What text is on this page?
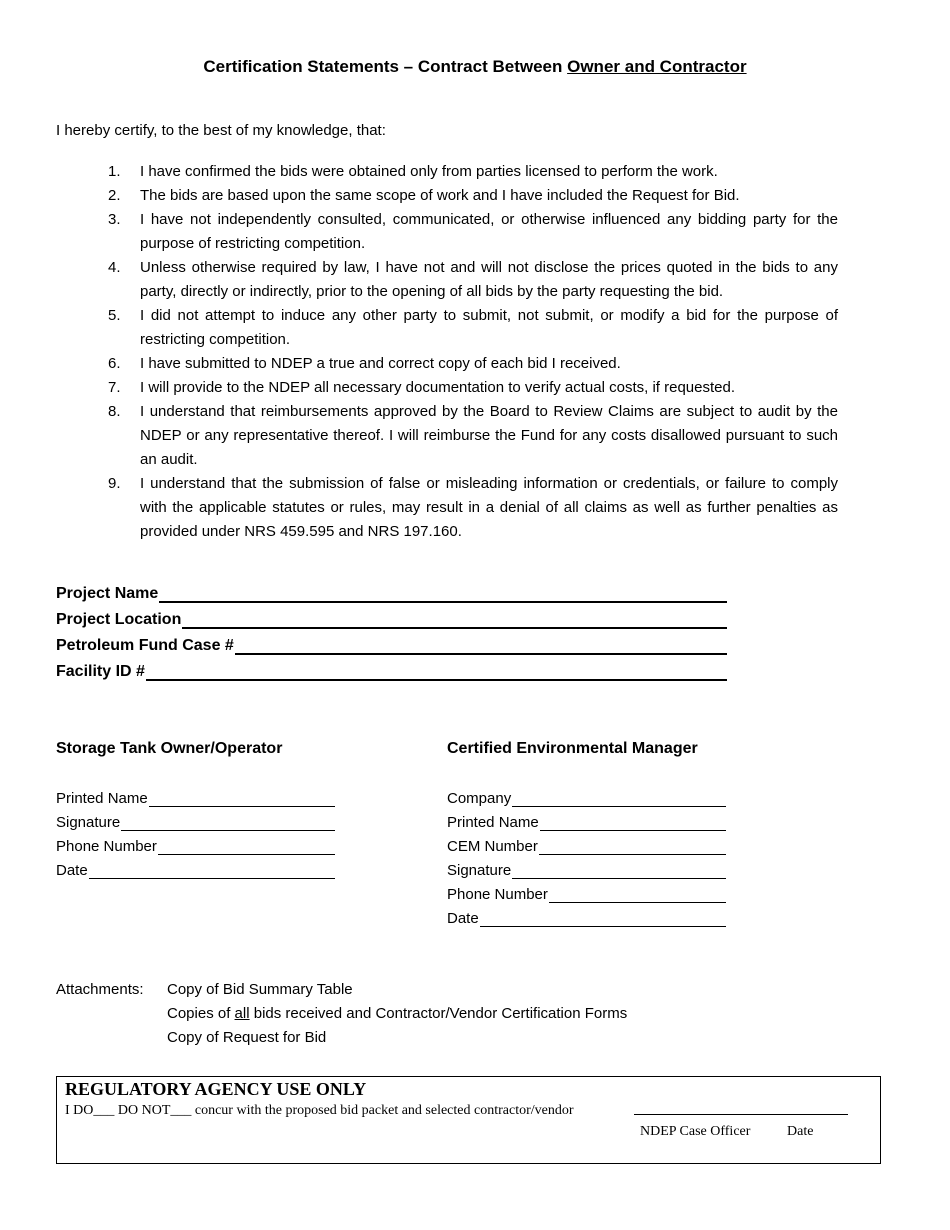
Certification Statements – Contract Between Owner and Contractor
I hereby certify, to the best of my knowledge, that:
1.	I have confirmed the bids were obtained only from parties licensed to perform the work.
2.	The bids are based upon the same scope of work and I have included the Request for Bid.
3.	I have not independently consulted, communicated, or otherwise influenced any bidding party for the purpose of restricting competition.
4.	Unless otherwise required by law, I have not and will not disclose the prices quoted in the bids to any party, directly or indirectly, prior to the opening of all bids by the party requesting the bid.
5.	I did not attempt to induce any other party to submit, not submit, or modify a bid for the purpose of restricting competition.
6.	I have submitted to NDEP a true and correct copy of each bid I received.
7.	I will provide to the NDEP all necessary documentation to verify actual costs, if requested.
8.	I understand that reimbursements approved by the Board to Review Claims are subject to audit by the NDEP or any representative thereof. I will reimburse the Fund for any costs disallowed pursuant to such an audit.
9.	I understand that the submission of false or misleading information or credentials, or failure to comply with the applicable statutes or rules, may result in a denial of all claims as well as further penalties as provided under NRS 459.595 and NRS 197.160.
Project Name
Project Location
Petroleum Fund Case #
Facility ID #
Storage Tank Owner/Operator	Certified Environmental Manager
Printed Name
Signature
Phone Number
Date
Company
Printed Name
CEM Number
Signature
Phone Number
Date
Attachments: Copy of Bid Summary Table
Copies of all bids received and Contractor/Vendor Certification Forms
Copy of Request for Bid
REGULATORY AGENCY USE ONLY
I DO___ DO NOT___ concur with the proposed bid packet and selected contractor/vendor
NDEP Case Officer	Date
